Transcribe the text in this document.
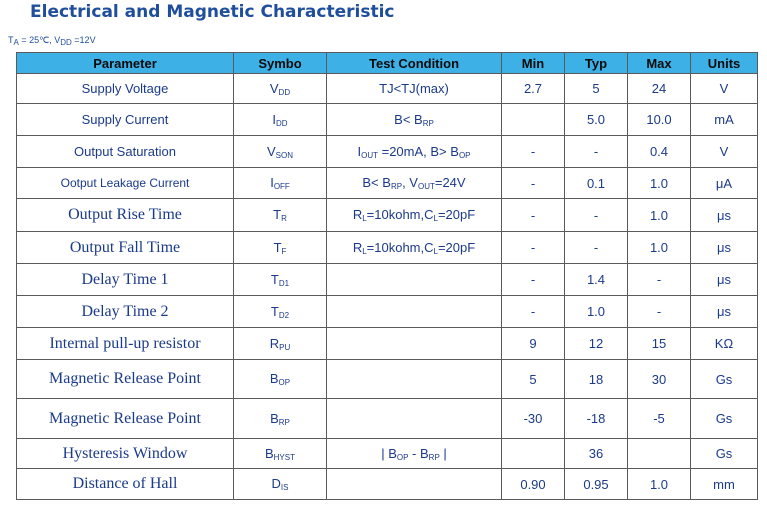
Electrical and Magnetic Characteristic
$T_A$ = 25℃, $V_{DD} =12V$
Parameter	Symbo	Test Condition	Min	Typ	Max	Units
Supply Voltage	$V_{DD}$	TJ<TJ(max)	2.7	5	24	V
Supply Current	$I_{DD}$	$B< B_{RP}$		5.0	10.0	mA
Output Saturation	$V_{SON}$	$I_{OUT} =20mA$, $B> B_{OP}$	-	-	0.4	V
Ootput Leakage Current	$I_{OFF}$	$B< B_{RP}$, $V_{OUT}=24V$	-	0.1	1.0	μA
Output Rise Time	$T_R$	$R_L=10kohm,C_L=20pF$	-	-	1.0	μs
Output Fall Time	$T_F$	$R_L=10kohm,C_L=20pF$	-	-	1.0	μs
Delay Time 1	$T_{D1}$		-	1.4	-	μs
Delay Time 2	$T_{D2}$		-	1.0	-	μs
Internal pull-up resistor	$R_{PU}$		9	12	15	KΩ
Magnetic Release Point	$B_{OP}$		5	18	30	Gs
Magnetic Release Point	$B_{RP}$		-30	-18	-5	Gs
Hysteresis Window	$B_{HYST}$	| $B_{OP} - B_{RP}$ |		36		Gs
Distance of Hall	$D_{IS}$		0.90	0.95	1.0	mm
